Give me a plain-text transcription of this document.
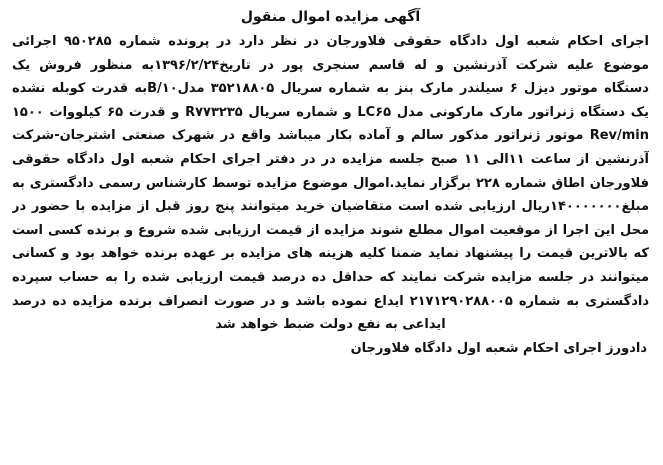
آگهی مزایده اموال منقول
اجرای احکام شعبه اول دادگاه حقوقی فلاورجان در نظر دارد در پرونده شماره ۹۵۰۲۸۵ اجرائی
موضوع علیه شرکت آذرنشین و له قاسم سنجری پور در تاریخ۱۳۹۶/۲/۲۴به منظور فروش یک
دستگاه موتور دیزل ۶ سیلندر مارک بنز به شماره سریال ۳۵۲۱۸۸۰۵ مدلB/۱۰به قدرت کوبله نشده
یک دستگاه ژنراتور مارک مارکونی مدل LC۶۵ و شماره سریال R۷۷۳۲۳۵ و قدرت ۶۵ کیلووات ۱۵۰۰
Rev/min موتور ژنراتور مذکور سالم و آماده بکار میباشد واقع در شهرک صنعتی اشترجان-شرکت
آذرنشین از ساعت ۱۱الی ۱۱ صبح جلسه مزایده در در دفتر اجرای احکام شعبه اول دادگاه حقوقی
فلاورجان اطاق شماره ۲۲۸ برگزار نماید.اموال موضوع مزایده توسط کارشناس رسمی دادگستری به
مبلغ۱۴۰۰۰۰۰۰۰ریال ارزیابی شده است متقاضیان خرید میتوانند پنج روز قبل از مزایده با حضور در
محل این اجرا از موقعیت اموال مطلع شوند مزایده از قیمت ارزیابی شده شروع و برنده کسی است
که بالاترین قیمت را پیشنهاد نماید ضمنا کلیه هزینه های مزایده بر عهده برنده خواهد بود و کسانی
میتوانند در جلسه مزایده شرکت نمایند که حداقل ده درصد قیمت ارزیابی شده را به حساب سپرده
دادگستری به شماره ۲۱۷۱۲۹۰۲۸۸۰۰۵ ایداع نموده باشد و در صورت انصراف برنده مزایده ده درصد
ایداعی به نفع دولت ضبط خواهد شد
دادورز اجرای احکام شعبه اول دادگاه فلاورجان
